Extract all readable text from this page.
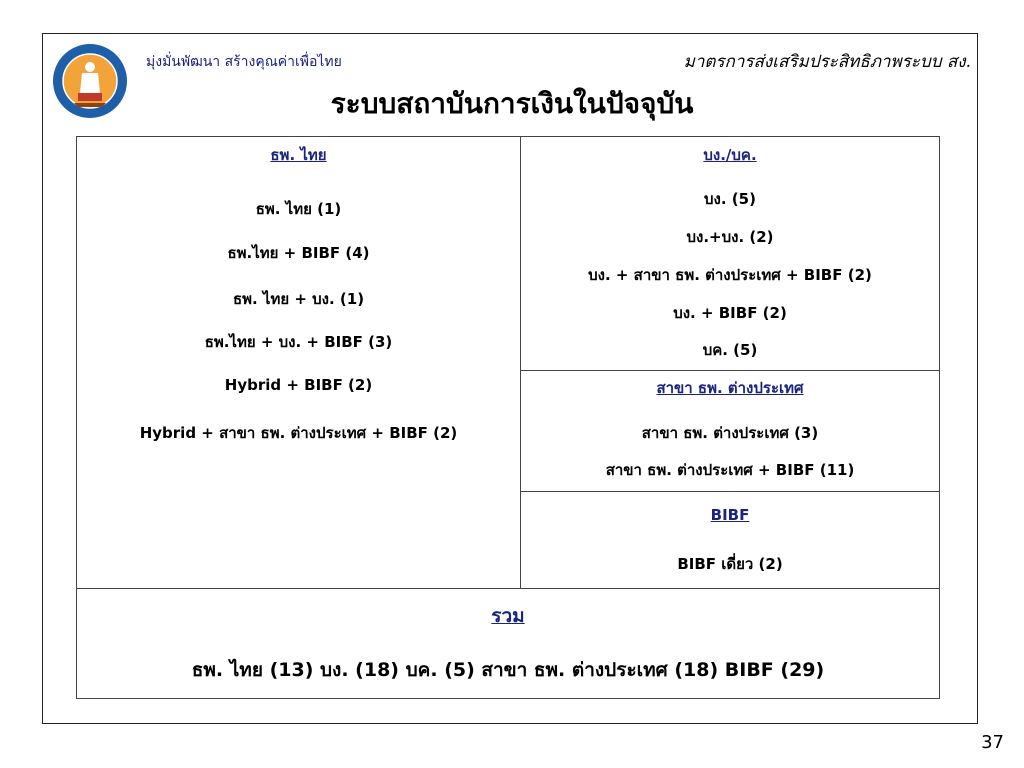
มุ่งมั่นพัฒนา สร้างคุณค่าเพื่อไทย	มาตรการส่งเสริมประสิทธิภาพระบบ สง.
ระบบสถาบันการเงินในปัจจุบัน
ธพ. ไทย
ธพ. ไทย (1)
ธพ.ไทย + BIBF (4)
ธพ. ไทย + บง. (1)
ธพ.ไทย + บง. + BIBF (3)
Hybrid + BIBF (2)
Hybrid + สาขา ธพ. ต่างประเทศ + BIBF (2)
บง./บค.
บง. (5)
บง.+บง. (2)
บง. + สาขา ธพ. ต่างประเทศ + BIBF (2)
บง. + BIBF (2)
บค. (5)
สาขา ธพ. ต่างประเทศ
สาขา ธพ. ต่างประเทศ (3)
สาขา ธพ. ต่างประเทศ + BIBF (11)
BIBF
BIBF เดี่ยว (2)
รวม
ธพ. ไทย (13) บง. (18) บค. (5) สาขา ธพ. ต่างประเทศ (18) BIBF (29)
37
